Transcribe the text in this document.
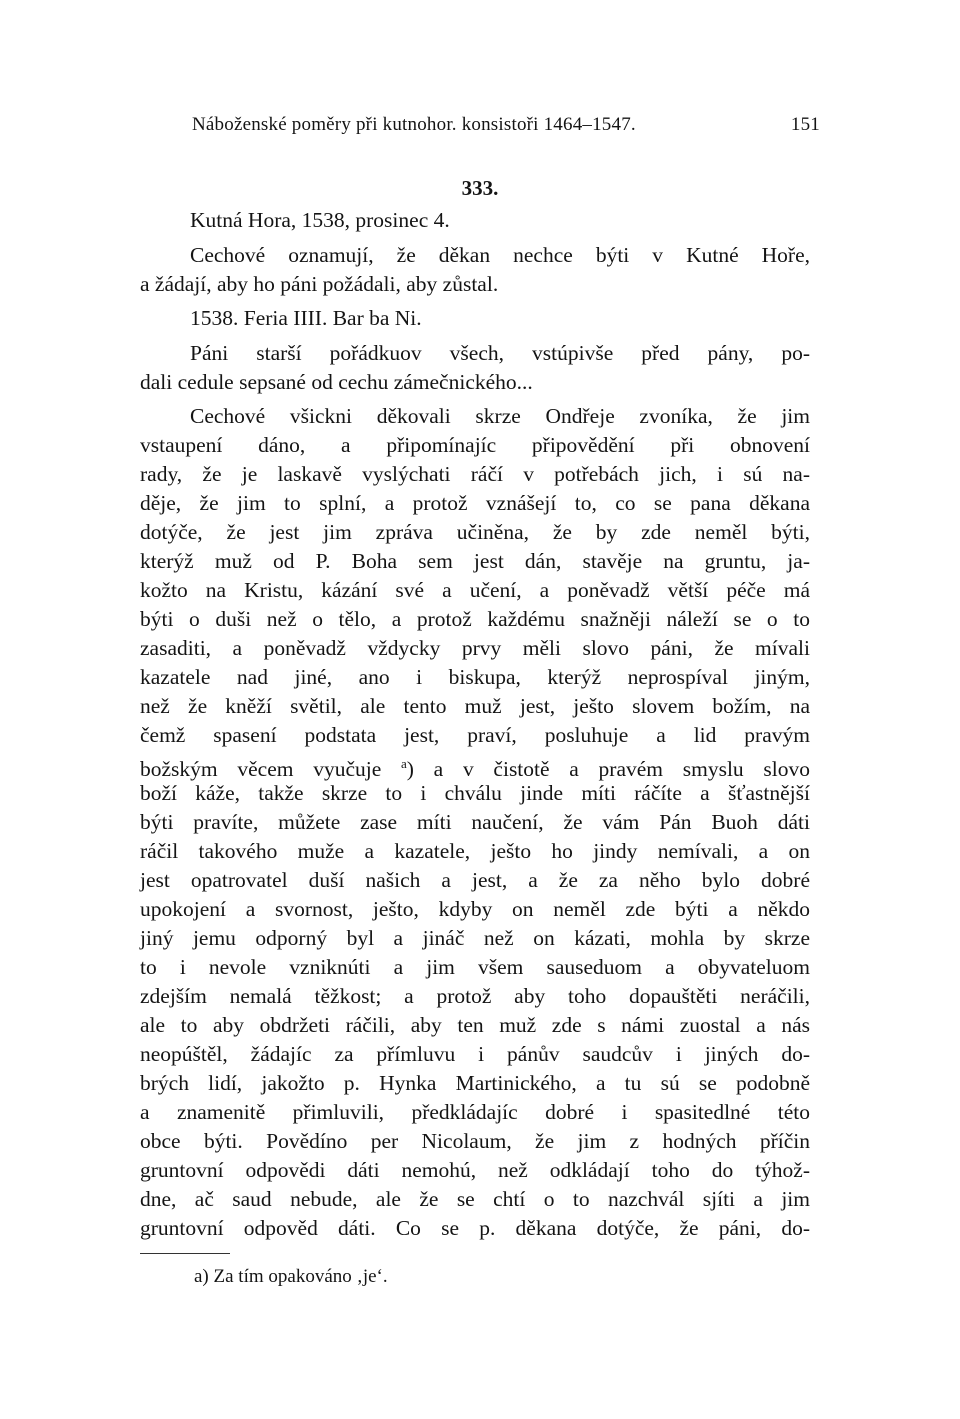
Náboženské poměry při kutnohor. konsistoři 1464–1547.	151
333.
Kutná Hora, 1538, prosinec 4.
Cechové oznamují, že děkan nechce býti v Kutné Hoře,
a žádají, aby ho páni požádali, aby zůstal.
1538. Feria IIII. Bar ba Ni.
Páni starší pořádkuov všech, vstúpivše před pány, po-
dali cedule sepsané od cechu zámečnického...
Cechové všickni děkovali skrze Ondřeje zvoníka, že jim
vstaupení dáno, a připomínajíc připovědění při obnovení
rady, že je laskavě vyslýchati ráčí v potřebách jich, i sú na-
děje, že jim to splní, a protož vznášejí to, co se pana děkana
dotýče, že jest jim zpráva učiněna, že by zde neměl býti,
kterýž muž od P. Boha sem jest dán, stavěje na gruntu, ja-
kožto na Kristu, kázání své a učení, a poněvadž větší péče má
býti o duši než o tělo, a protož každému snažněji náleží se o to
zasaditi, a poněvadž vždycky prvy měli slovo páni, že mívali
kazatele nad jiné, ano i biskupa, kterýž neprospíval jiným,
než že kněží světil, ale tento muž jest, ješto slovem božím, na
čemž spasení podstata jest, praví, posluhuje a lid pravým
božským věcem vyučuje $^a$) a v čistotě a pravém smyslu slovo
boží káže, takže skrze to i chválu jinde míti ráčíte a šťastnější
býti pravíte, můžete zase míti naučení, že vám Pán Buoh dáti
ráčil takového muže a kazatele, ješto ho jindy nemívali, a on
jest opatrovatel duší našich a jest, a že za něho bylo dobré
upokojení a svornost, ješto, kdyby on neměl zde býti a někdo
jiný jemu odporný byl a jináč než on kázati, mohla by skrze
to i nevole vzniknúti a jim všem sauseduom a obyvateluom
zdejším nemalá těžkost; a protož aby toho dopauštěti neráčili,
ale to aby obdržeti ráčili, aby ten muž zde s námi zuostal a nás
neopúštěl, žádajíc za přímluvu i pánův saudcův i jiných do-
brých lidí, jakožto p. Hynka Martinického, a tu sú se podobně
a znamenitě přimluvili, předkládajíc dobré i spasitedlné této
obce býti. Povědíno per Nicolaum, že jim z hodných příčin
gruntovní odpovědi dáti nemohú, než odkládají toho do týhož-
dne, ač saud nebude, ale že se chtí o to nazchvál sjíti a jim
gruntovní odpověd dáti. Co se p. děkana dotýče, že páni, do-
a) Za tím opakováno ‚je‘.
